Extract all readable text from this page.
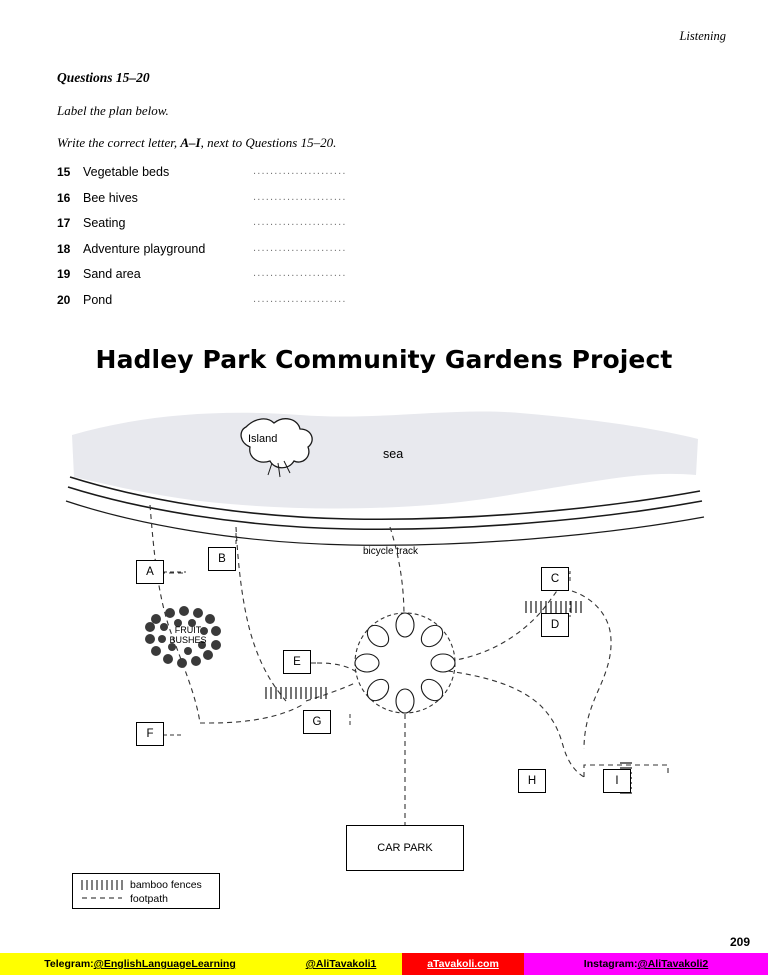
Listening
Questions 15–20
Label the plan below.
Write the correct letter, A–I, next to Questions 15–20.
15	Vegetable beds	......................
16	Bee hives	......................
17	Seating	......................
18	Adventure playground	......................
19	Sand area	......................
20	Pond	......................
Hadley Park Community Gardens Project
sea
Island
bicycle track
FRUIT
BUSHES
A
B
C
D
E
F
G
H	I
CAR PARK
bamboo fences
footpath
209
Telegram: @EnglishLanguageLearning	@AliTavakoli1	aTavakoli.com	Instagram: @AliTavakoli2
